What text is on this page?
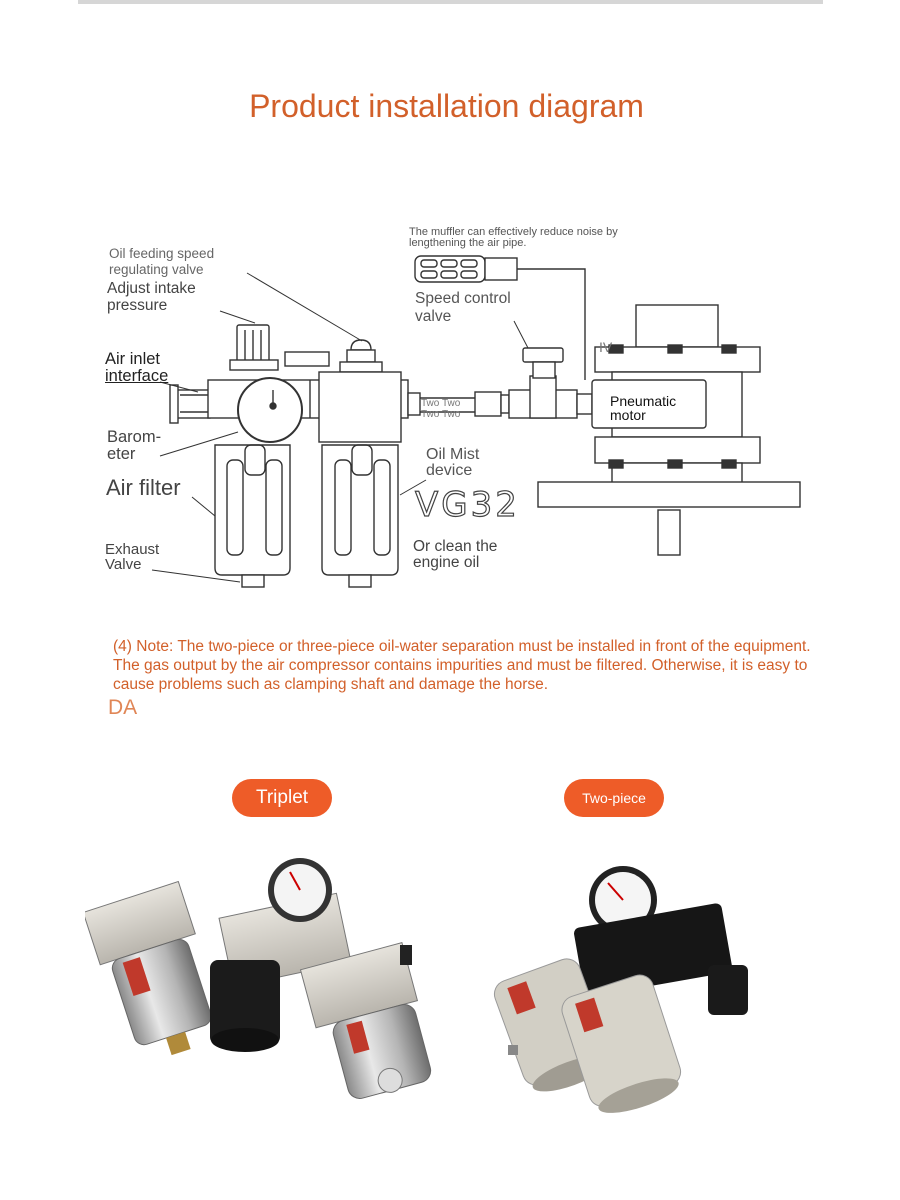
Product installation diagram
Oil feeding speed
regulating valve
Adjust intake
pressure
Air inlet
interface
Barom-
eter
Air filter
Exhaust
Valve
The muffler can effectively reduce noise by
lengthening the air pipe.
Speed control
valve
IV
Pneumatic
motor
Two Two
Two Two
Oil Mist
device
VG32
Or clean the
engine oil
(4) Note: The two-piece or three-piece oil-water separation must be installed in front of the equipment. The gas output by the air compressor contains impurities and must be filtered. Otherwise, it is easy to cause problems such as clamping shaft and damage the horse.
DA
Triplet	Two-piece
